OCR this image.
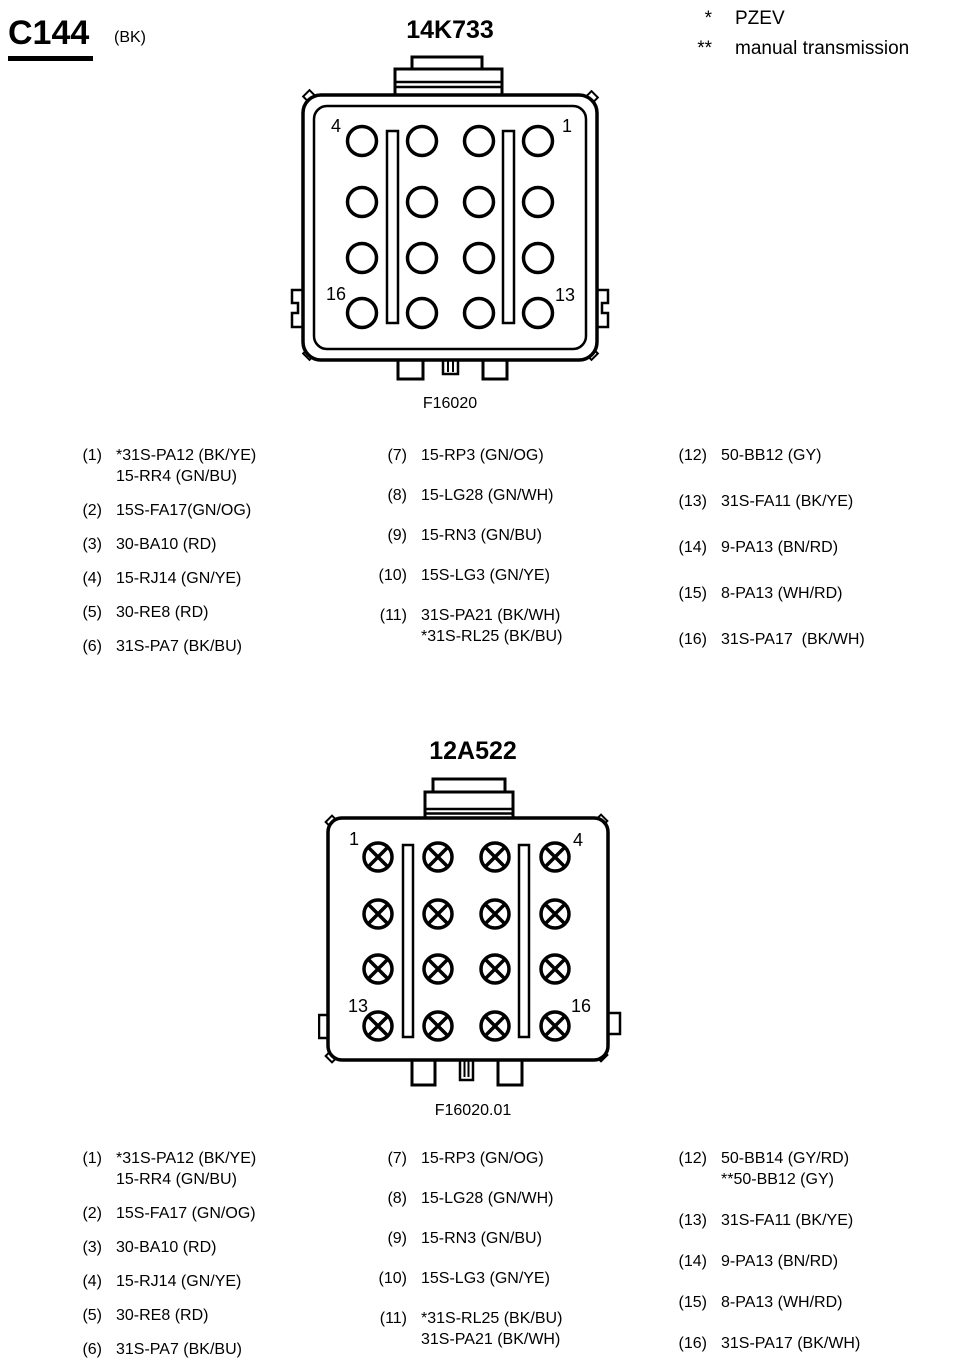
C144 (BK)
* PZEV
** manual transmission
14K733
4	1
16	13
F16020
(1) *31S-PA12 (BK/YE)
15-RR4 (GN/BU)
(2) 15S-FA17(GN/OG)
(3) 30-BA10 (RD)
(4) 15-RJ14 (GN/YE)
(5) 30-RE8 (RD)
(6) 31S-PA7 (BK/BU)
(7) 15-RP3 (GN/OG)
(8) 15-LG28 (GN/WH)
(9) 15-RN3 (GN/BU)
(10) 15S-LG3 (GN/YE)
(11) 31S-PA21 (BK/WH)
*31S-RL25 (BK/BU)
(12) 50-BB12 (GY)
(13) 31S-FA11 (BK/YE)
(14) 9-PA13 (BN/RD)
(15) 8-PA13 (WH/RD)
(16) 31S-PA17  (BK/WH)
12A522
1	4
13	16
F16020.01
(1) *31S-PA12 (BK/YE)
15-RR4 (GN/BU)
(2) 15S-FA17 (GN/OG)
(3) 30-BA10 (RD)
(4) 15-RJ14 (GN/YE)
(5) 30-RE8 (RD)
(6) 31S-PA7 (BK/BU)
(7) 15-RP3 (GN/OG)
(8) 15-LG28 (GN/WH)
(9) 15-RN3 (GN/BU)
(10) 15S-LG3 (GN/YE)
(11) *31S-RL25 (BK/BU)
31S-PA21 (BK/WH)
(12) 50-BB14 (GY/RD)
**50-BB12 (GY)
(13) 31S-FA11 (BK/YE)
(14) 9-PA13 (BN/RD)
(15) 8-PA13 (WH/RD)
(16) 31S-PA17 (BK/WH)
